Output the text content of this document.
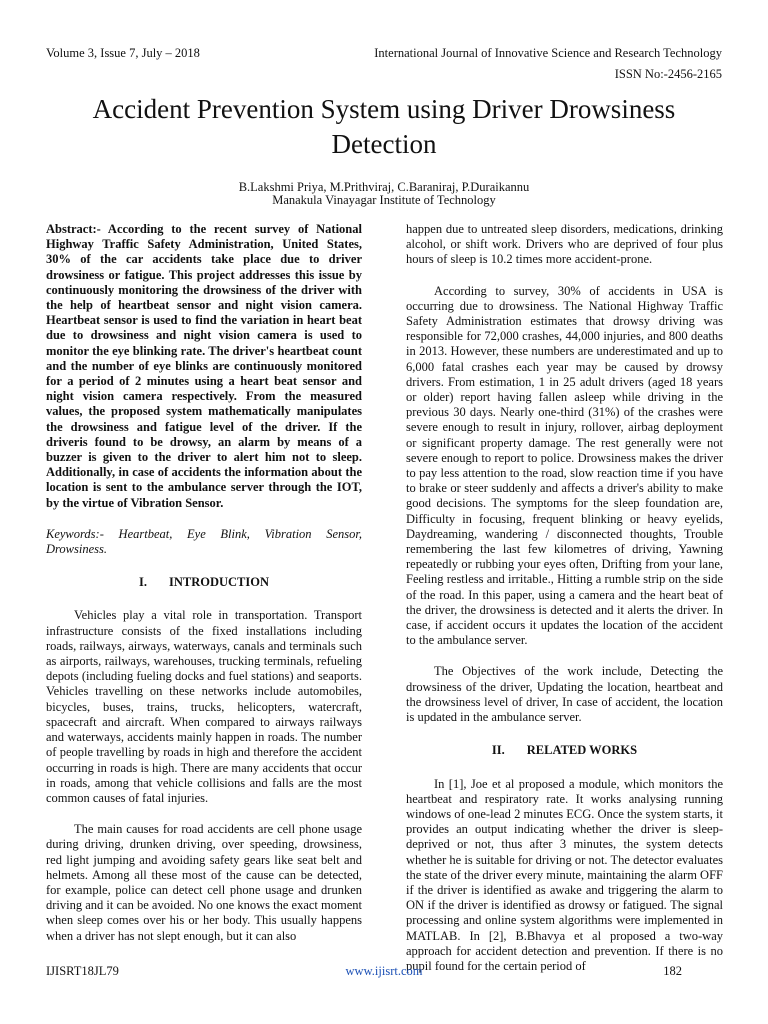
Volume 3, Issue 7, July – 2018	International Journal of Innovative Science and Research Technology
ISSN No:-2456-2165
Accident Prevention System using Driver Drowsiness Detection
B.Lakshmi Priya, M.Prithviraj, C.Baraniraj, P.Duraikannu
Manakula Vinayagar Institute of Technology

Abstract:- According to the recent survey of National Highway Traffic Safety Administration, United States, 30% of the car accidents take place due to driver drowsiness or fatigue. This project addresses this issue by continuously monitoring the drowsiness of the driver with the help of heartbeat sensor and night vision camera. Heartbeat sensor is used to find the variation in heart beat due to drowsiness and night vision camera is used to monitor the eye blinking rate. The driver's heartbeat count and the number of eye blinks are continuously monitored for a period of 2 minutes using a heart beat sensor and night vision camera respectively. From the measured values, the proposed system mathematically manipulates the drowsiness and fatigue level of the driver. If the driveris found to be drowsy, an alarm by means of a buzzer is given to the driver to alert him not to sleep. Additionally, in case of accidents the information about the location is sent to the ambulance server through the IOT, by the virtue of Vibration Sensor.

Keywords:- Heartbeat, Eye Blink, Vibration Sensor, Drowsiness.

I. INTRODUCTION

Vehicles play a vital role in transportation. Transport infrastructure consists of the fixed installations including roads, railways, airways, waterways, canals and terminals such as airports, railways, warehouses, trucking terminals, refueling depots (including fueling docks and fuel stations) and seaports. Vehicles travelling on these networks include automobiles, bicycles, buses, trains, trucks, helicopters, watercraft, spacecraft and aircraft. When compared to airways railways and waterways, accidents mainly happen in roads. The number of people travelling by roads in high and therefore the accident occurring in roads is high. There are many accidents that occur in roads, among that vehicle collisions and falls are the most common causes of fatal injuries.

The main causes for road accidents are cell phone usage during driving, drunken driving, over speeding, drowsiness, red light jumping and avoiding safety gears like seat belt and helmets. Among all these most of the cause can be detected, for example, police can detect cell phone usage and drunken driving and it can be avoided. No one knows the exact moment when sleep comes over his or her body. This usually happens when a driver has not slept enough, but it can also

happen due to untreated sleep disorders, medications, drinking alcohol, or shift work. Drivers who are deprived of four plus hours of sleep is 10.2 times more accident-prone.

According to survey, 30% of accidents in USA is occurring due to drowsiness. The National Highway Traffic Safety Administration estimates that drowsy driving was responsible for 72,000 crashes, 44,000 injuries, and 800 deaths in 2013. However, these numbers are underestimated and up to 6,000 fatal crashes each year may be caused by drowsy drivers. From estimation, 1 in 25 adult drivers (aged 18 years or older) report having fallen asleep while driving in the previous 30 days. Nearly one-third (31%) of the crashes were severe enough to result in injury, rollover, airbag deployment or significant property damage. The rest generally were not severe enough to report to police. Drowsiness makes the driver to pay less attention to the road, slow reaction time if you have to brake or steer suddenly and affects a driver's ability to make good decisions. The symptoms for the sleep foundation are, Difficulty in focusing, frequent blinking or heavy eyelids, Daydreaming, wandering / disconnected thoughts, Trouble remembering the last few kilometres of driving, Yawning repeatedly or rubbing your eyes often, Drifting from your lane, Feeling restless and irritable., Hitting a rumble strip on the side of the road. In this paper, using a camera and the heart beat of the driver, the drowsiness is detected and it alerts the driver. In case, if accident occurs it updates the location of the accident to the ambulance server.

The Objectives of the work include, Detecting the drowsiness of the driver, Updating the location, heartbeat and the drowsiness level of driver, In case of accident, the location is updated in the ambulance server.

II. RELATED WORKS

In [1], Joe et al proposed a module, which monitors the heartbeat and respiratory rate. It works analysing running windows of one-lead 2 minutes ECG. Once the system starts, it provides an output indicating whether the driver is sleep-deprived or not, thus after 3 minutes, the system detects whether he is suitable for driving or not. The detector evaluates the state of the driver every minute, maintaining the alarm OFF if the driver is identified as awake and triggering the alarm to ON if the driver is identified as drowsy or fatigued. The signal processing and online system algorithms were implemented in MATLAB. In [2], B.Bhavya et al proposed a two-way approach for accident detection and prevention. If there is no pupil found for the certain period of

IJISRT18JL79	www.ijisrt.com	182
